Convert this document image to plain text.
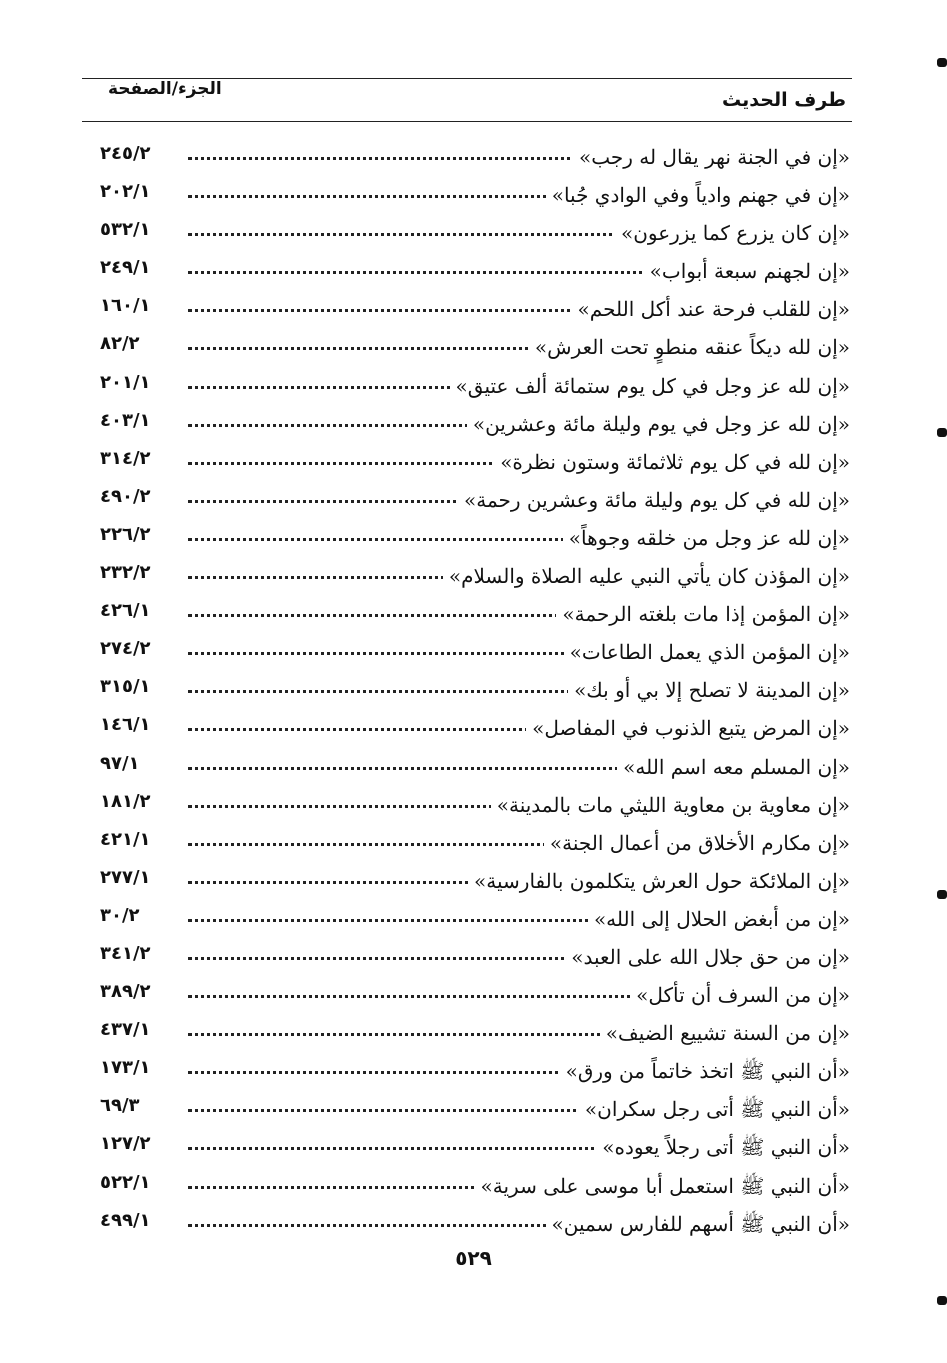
طرف الحديث
الجزء/الصفحة
«إن في الجنة نهر يقال له رجب»
٢٤٥/٢
«إن في جهنم وادياً وفي الوادي جُبا»
٢٠٢/١
«إن كان يزرع كما يزرعون»
٥٣٢/١
«إن لجهنم سبعة أبواب»
٢٤٩/١
«إن للقلب فرحة عند أكل اللحم»
١٦٠/١
«إن لله ديكاً عنقه منطوٍ تحت العرش»
٨٢/٢
«إن لله عز وجل في كل يوم ستمائة ألف عتيق»
٢٠١/١
«إن لله عز وجل في يوم وليلة مائة وعشرين»
٤٠٣/١
«إن لله في كل يوم ثلاثمائة وستون نظرة»
٣١٤/٢
«إن لله في كل يوم وليلة مائة وعشرين رحمة»
٤٩٠/٢
«إن لله عز وجل من خلقه وجوهاً»
٢٢٦/٢
«إن المؤذن كان يأتي النبي عليه الصلاة والسلام»
٢٣٢/٢
«إن المؤمن إذا مات بلغته الرحمة»
٤٢٦/١
«إن المؤمن الذي يعمل الطاعات»
٢٧٤/٢
«إن المدينة لا تصلح إلا بي أو بك»
٣١٥/١
«إن المرض يتبع الذنوب في المفاصل»
١٤٦/١
«إن المسلم معه اسم الله»
٩٧/١
«إن معاوية بن معاوية الليثي مات بالمدينة»
١٨١/٢
«إن مكارم الأخلاق من أعمال الجنة»
٤٢١/١
«إن الملائكة حول العرش يتكلمون بالفارسية»
٢٧٧/١
«إن من أبغض الحلال إلى الله»
٣٠/٢
«إن من حق جلال الله على العبد»
٣٤١/٢
«إن من السرف أن تأكل»
٣٨٩/٢
«إن من السنة تشييع الضيف»
٤٣٧/١
«أن النبي ﷺ اتخذ خاتماً من ورق»
١٧٣/١
«أن النبي ﷺ أتى رجل سكران»
٦٩/٣
«أن النبي ﷺ أتى رجلاً يعوده»
١٢٧/٢
«أن النبي ﷺ استعمل أبا موسى على سرية»
٥٢٢/١
«أن النبي ﷺ أسهم للفارس سمين»
٤٩٩/١
٥٢٩
